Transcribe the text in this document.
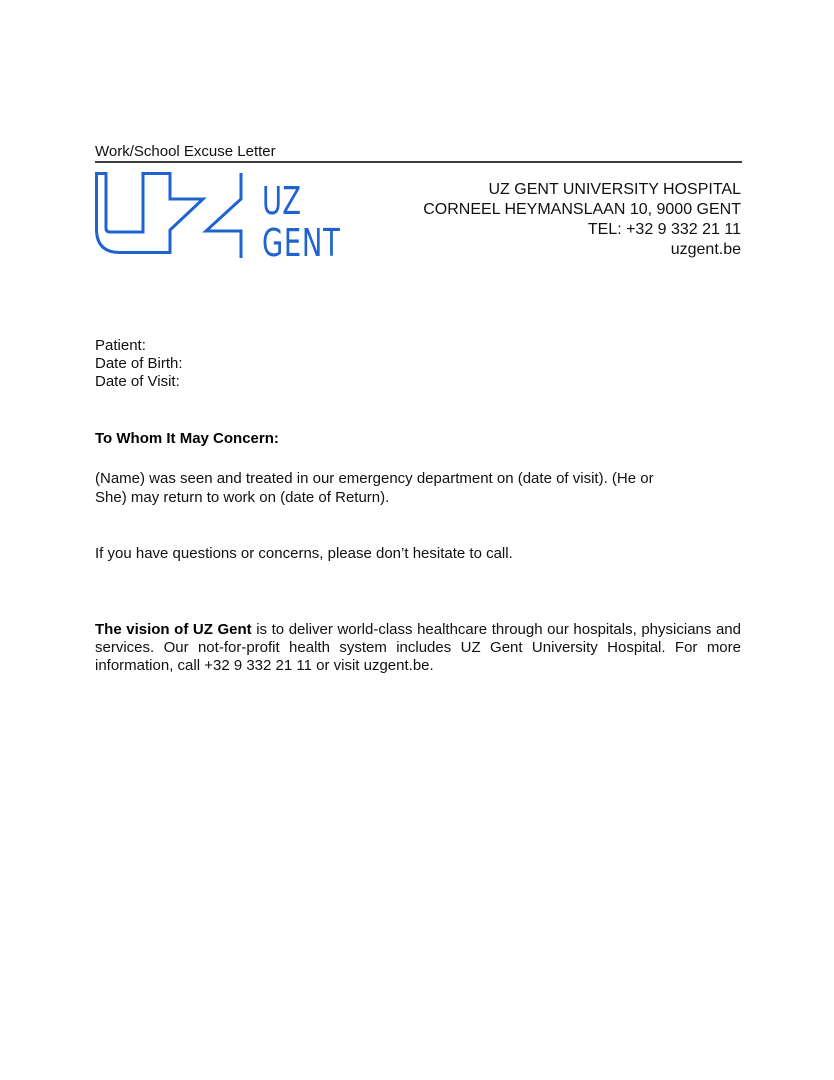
Work/School Excuse Letter
UZ
GENT
UZ GENT UNIVERSITY HOSPITAL
CORNEEL HEYMANSLAAN 10, 9000 GENT
TEL: +32 9 332 21 11
uzgent.be
Patient:
Date of Birth:
Date of Visit:
To Whom It May Concern:
(Name) was seen and treated in our emergency department on (date of visit). (He or
She) may return to work on (date of Return).
If you have questions or concerns, please don’t hesitate to call.
The vision of UZ Gent is to deliver world-class healthcare through our hospitals, physicians and services. Our not-for-profit health system includes UZ Gent University Hospital. For more information, call +32 9 332 21 11 or visit uzgent.be.
